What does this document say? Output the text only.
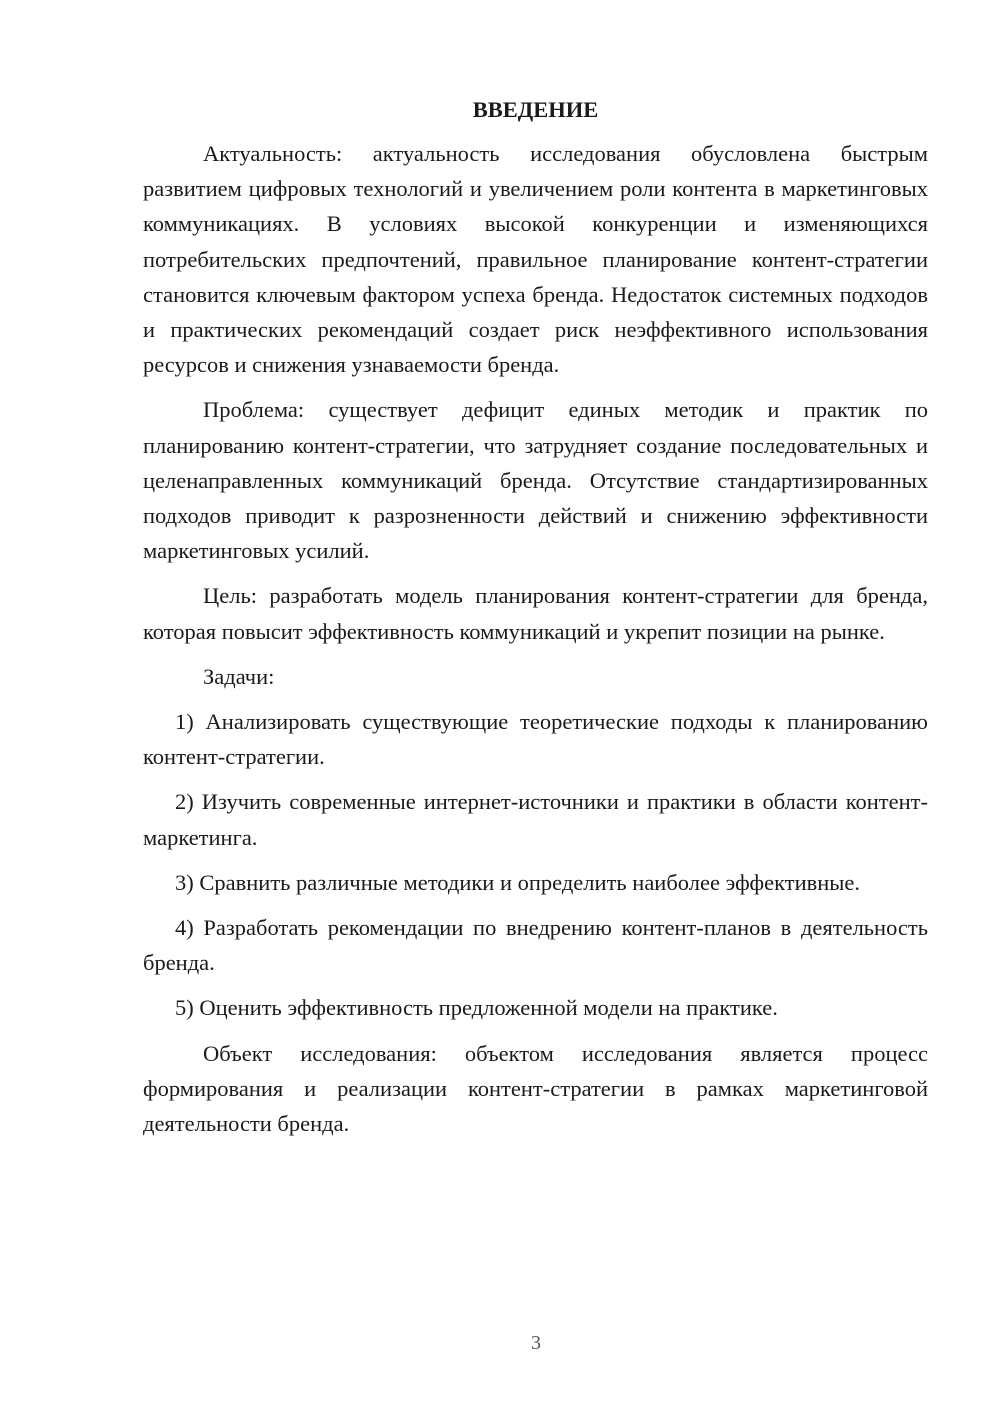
ВВЕДЕНИЕ

Актуальность: актуальность исследования обусловлена быстрым развитием цифровых технологий и увеличением роли контента в маркетинговых коммуникациях. В условиях высокой конкуренции и изменяющихся потребительских предпочтений, правильное планирование контент-стратегии становится ключевым фактором успеха бренда. Недостаток системных подходов и практических рекомендаций создает риск неэффективного использования ресурсов и снижения узнаваемости бренда.

Проблема: существует дефицит единых методик и практик по планированию контент-стратегии, что затрудняет создание последовательных и целенаправленных коммуникаций бренда. Отсутствие стандартизированных подходов приводит к разрозненности действий и снижению эффективности маркетинговых усилий.

Цель: разработать модель планирования контент-стратегии для бренда, которая повысит эффективность коммуникаций и укрепит позиции на рынке.

Задачи:

1) Анализировать существующие теоретические подходы к планированию контент-стратегии.

2) Изучить современные интернет-источники и практики в области контент-маркетинга.

3) Сравнить различные методики и определить наиболее эффективные.

4) Разработать рекомендации по внедрению контент-планов в деятельность бренда.

5) Оценить эффективность предложенной модели на практике.

Объект исследования: объектом исследования является процесс формирования и реализации контент-стратегии в рамках маркетинговой деятельности бренда.

3
